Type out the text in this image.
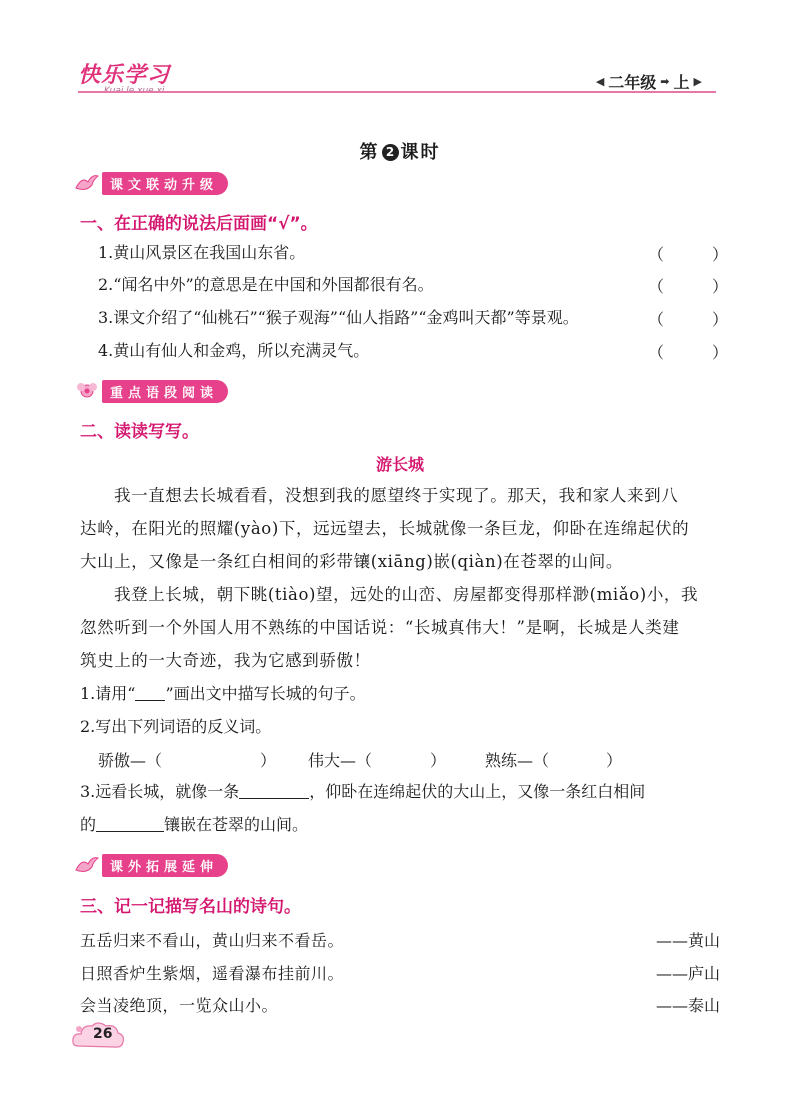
快乐学习
Kuai le xue xi
◀ 二年级 ➡ 上 ▶
第 2 课时
课文联动升级
一、在正确的说法后面画“√”。
1.黄山风景区在我国山东省。	（	）
2.“闻名中外”的意思是在中国和外国都很有名。	（	）
3.课文介绍了“仙桃石”“猴子观海”“仙人指路”“金鸡叫天都”等景观。	（	）
4.黄山有仙人和金鸡，所以充满灵气。	（	）
重点语段阅读
二、读读写写。
游长城
我一直想去长城看看，没想到我的愿望终于实现了。那天，我和家人来到八
达岭，在阳光的照耀(yào)下，远远望去，长城就像一条巨龙，仰卧在连绵起伏的
大山上，又像是一条红白相间的彩带镶(xiāng)嵌(qiàn)在苍翠的山间。
我登上长城，朝下眺(tiào)望，远处的山峦、房屋都变得那样渺(miǎo)小，我
忽然听到一个外国人用不熟练的中国话说：“长城真伟大！”是啊，长城是人类建
筑史上的一大奇迹，我为它感到骄傲！
1.请用“ ”画出文中描写长城的句子。
2.写出下列词语的反义词。
骄傲—（	） 伟大—（	） 熟练—（	）
3.远看长城，就像一条	，仰卧在连绵起伏的大山上，又像一条红白相间
的	镶嵌在苍翠的山间。
课外拓展延伸
三、记一记描写名山的诗句。
五岳归来不看山，黄山归来不看岳。	——黄山
日照香炉生紫烟，遥看瀑布挂前川。	——庐山
会当凌绝顶，一览众山小。	——泰山
26
